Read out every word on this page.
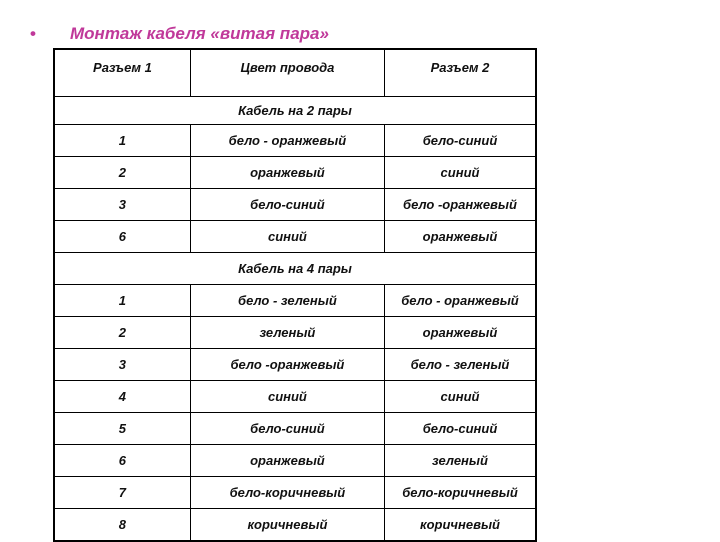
• Монтаж кабеля «витая пара»
Разъем 1	Цвет провода	Разъем 2
Кабель на 2 пары		
1	бело - оранжевый	бело-синий
2	оранжевый	синий
3	бело-синий	бело -оранжевый
6	синий	оранжевый
Кабель на 4 пары		
1	бело - зеленый	бело - оранжевый
2	зеленый	оранжевый
3	бело -оранжевый	бело - зеленый
4	синий	синий
5	бело-синий	бело-синий
6	оранжевый	зеленый
7	бело-коричневый	бело-коричневый
8	коричневый	коричневый
